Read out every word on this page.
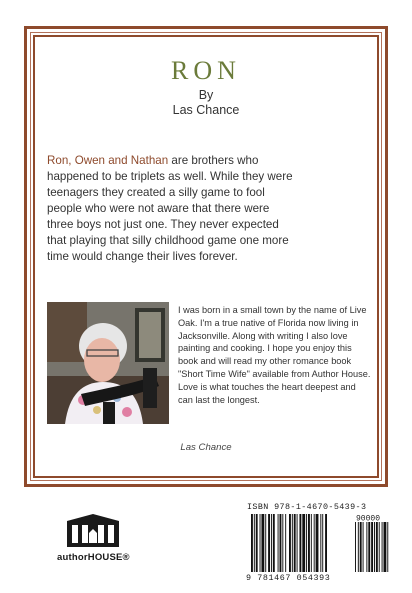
RON
By
Las Chance
Ron, Owen and Nathan are brothers who happened to be triplets as well. While they were teenagers they created a silly game to fool people who were not aware that there were three boys not just one. They never expected that playing that silly childhood game one more time would change their lives forever.
I was born in a small town by the name of Live Oak. I'm a true native of Florida now living in Jacksonville. Along with writing I also love painting and cooking. I hope you enjoy this book and will read my other romance book "Short Time Wife" available from Author House. Love is what touches the heart deepest and can last the longest.
Las Chance
authorHOUSE®
ISBN 978-1-4670-5439-3
90000
9 781467 054393
